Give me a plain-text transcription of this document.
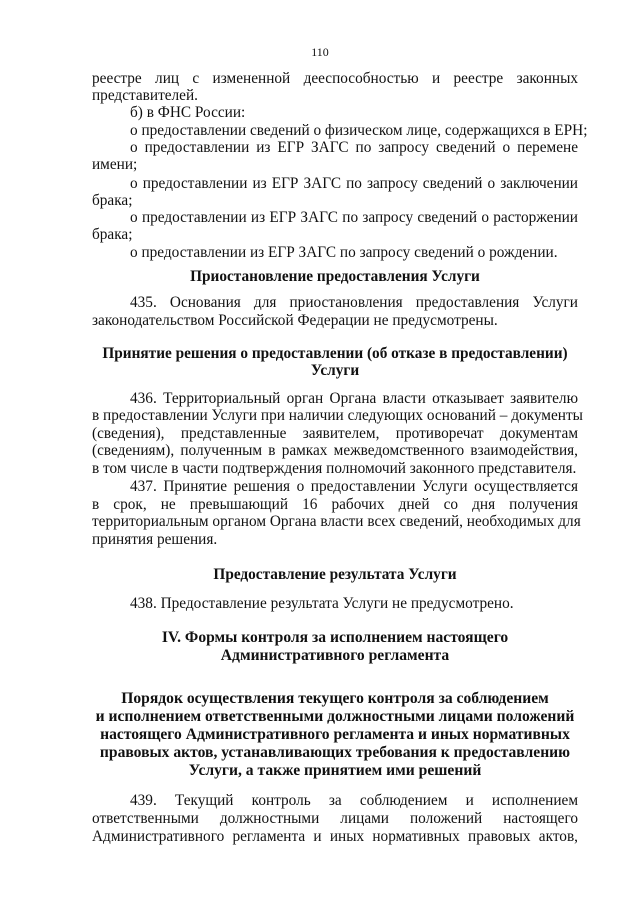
110
реестре лиц с измененной дееспособностью и реестре законных
представителей.
б) в ФНС России:
о предоставлении сведений о физическом лице, содержащихся в ЕРН;
о предоставлении из ЕГР ЗАГС по запросу сведений о перемене
имени;
о предоставлении из ЕГР ЗАГС по запросу сведений о заключении
брака;
о предоставлении из ЕГР ЗАГС по запросу сведений о расторжении
брака;
о предоставлении из ЕГР ЗАГС по запросу сведений о рождении.
Приостановление предоставления Услуги
435. Основания для приостановления предоставления Услуги
законодательством Российской Федерации не предусмотрены.
Принятие решения о предоставлении (об отказе в предоставлении)
Услуги
436. Территориальный орган Органа власти отказывает заявителю
в предоставлении Услуги при наличии следующих оснований – документы
(сведения), представленные заявителем, противоречат документам
(сведениям), полученным в рамках межведомственного взаимодействия,
в том числе в части подтверждения полномочий законного представителя.
437. Принятие решения о предоставлении Услуги осуществляется
в срок, не превышающий 16 рабочих дней со дня получения
территориальным органом Органа власти всех сведений, необходимых для
принятия решения.
Предоставление результата Услуги
438. Предоставление результата Услуги не предусмотрено.
IV. Формы контроля за исполнением настоящего
Административного регламента
Порядок осуществления текущего контроля за соблюдением
и исполнением ответственными должностными лицами положений
настоящего Административного регламента и иных нормативных
правовых актов, устанавливающих требования к предоставлению
Услуги, а также принятием ими решений
439. Текущий контроль за соблюдением и исполнением
ответственными должностными лицами положений настоящего
Административного регламента и иных нормативных правовых актов,
